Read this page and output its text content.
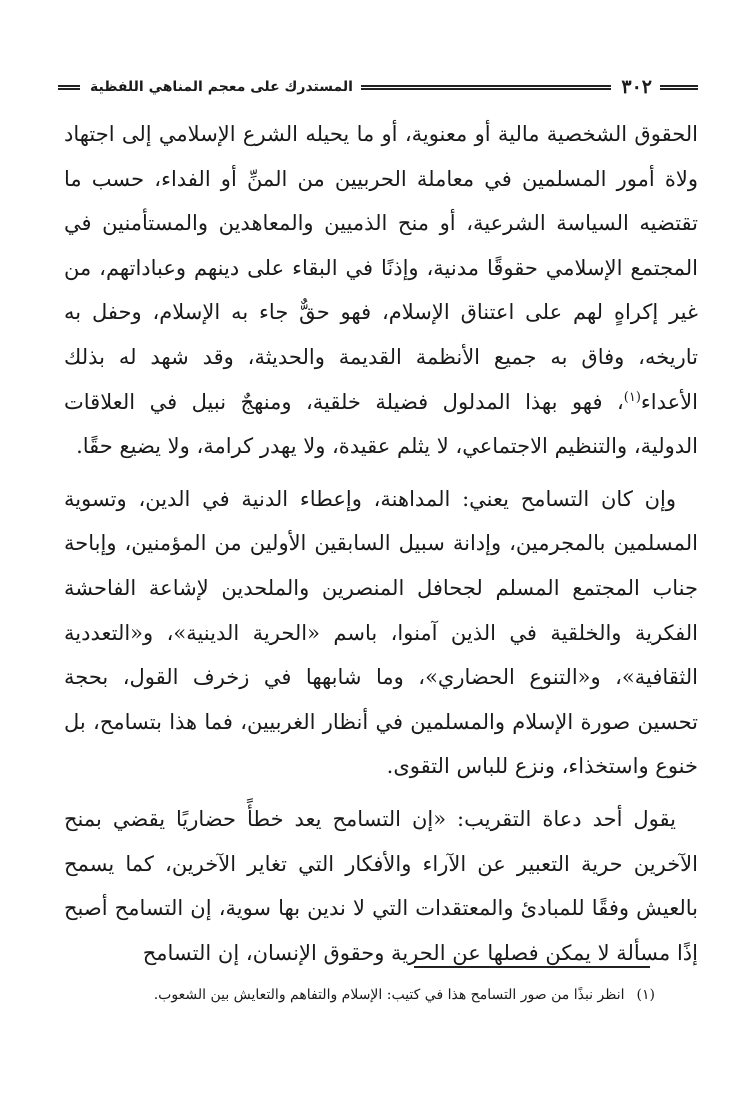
٣٠٢
المستدرك على معجم المناهي اللفظية

الحقوق الشخصية مالية أو معنوية، أو ما يحيله الشرع الإسلامي إلى اجتهاد ولاة أمور المسلمين في معاملة الحربيين من المنِّ أو الفداء، حسب ما تقتضيه السياسة الشرعية، أو منح الذميين والمعاهدين والمستأمنين في المجتمع الإسلامي حقوقًا مدنية، وإذنًا في البقاء على دينهم وعباداتهم، من غير إكراهٍ لهم على اعتناق الإسلام، فهو حقٌّ جاء به الإسلام، وحفل به تاريخه، وفاق به جميع الأنظمة القديمة والحديثة، وقد شهد له بذلك الأعداء$^{(١)}$، فهو بهذا المدلول فضيلة خلقية، ومنهجٌ نبيل في العلاقات الدولية، والتنظيم الاجتماعي، لا يثلم عقيدة، ولا يهدر كرامة، ولا يضيع حقًا.

وإن كان التسامح يعني: المداهنة، وإعطاء الدنية في الدين، وتسوية المسلمين بالمجرمين، وإدانة سبيل السابقين الأولين من المؤمنين، وإباحة جناب المجتمع المسلم لجحافل المنصرين والملحدين لإشاعة الفاحشة الفكرية والخلقية في الذين آمنوا، باسم «الحرية الدينية»، و«التعددية الثقافية»، و«التنوع الحضاري»، وما شابهها في زخرف القول، بحجة تحسين صورة الإسلام والمسلمين في أنظار الغربيين، فما هذا بتسامح، بل خنوع واستخذاء، ونزع للباس التقوى.

يقول أحد دعاة التقريب: «إن التسامح يعد خطأً حضاريًا يقضي بمنح الآخرين حرية التعبير عن الآراء والأفكار التي تغاير الآخرين، كما يسمح بالعيش وفقًا للمبادئ والمعتقدات التي لا ندين بها سوية، إن التسامح أصبح إذًا مسألة لا يمكن فصلها عن الحرية وحقوق الإنسان، إن التسامح

(١)انظر نبذًا من صور التسامح هذا في كتيب: الإسلام والتفاهم والتعايش بين الشعوب.
